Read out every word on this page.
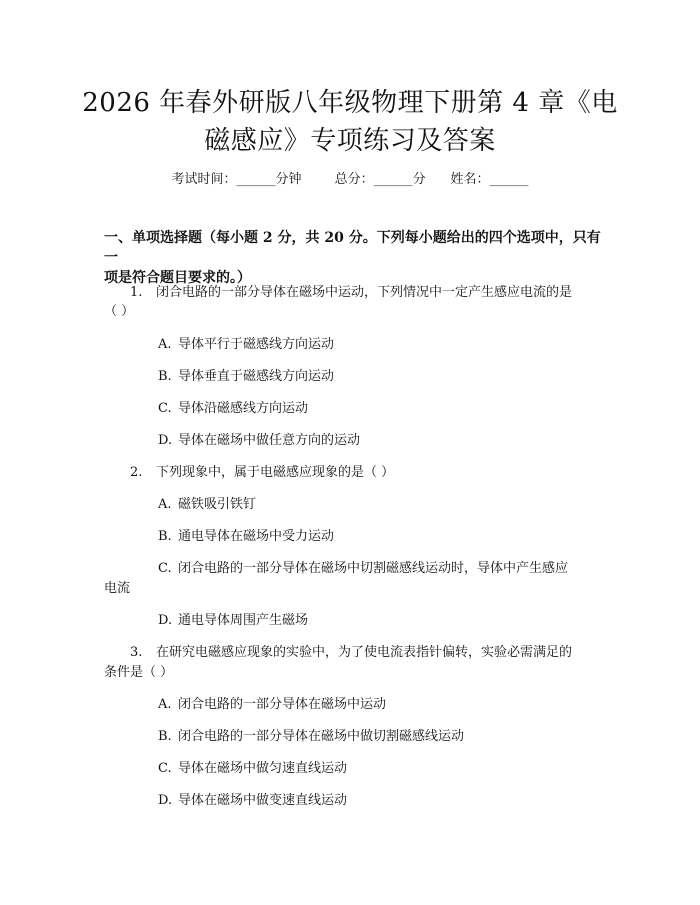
2026 年春外研版八年级物理下册第 4 章《电
磁感应》专项练习及答案
考试时间：______分钟	总分：______分 姓名：______
一、单项选择题（每小题 2 分，共 20 分。下列每小题给出的四个选项中，只有一
项是符合题目要求的。）
1. 闭合电路的一部分导体在磁场中运动，下列情况中一定产生感应电流的是
（ ）
A. 导体平行于磁感线方向运动
B. 导体垂直于磁感线方向运动
C. 导体沿磁感线方向运动
D. 导体在磁场中做任意方向的运动
2. 下列现象中，属于电磁感应现象的是（ ）
A. 磁铁吸引铁钉
B. 通电导体在磁场中受力运动
C. 闭合电路的一部分导体在磁场中切割磁感线运动时，导体中产生感应
电流
D. 通电导体周围产生磁场
3. 在研究电磁感应现象的实验中，为了使电流表指针偏转，实验必需满足的
条件是（ ）
A. 闭合电路的一部分导体在磁场中运动
B. 闭合电路的一部分导体在磁场中做切割磁感线运动
C. 导体在磁场中做匀速直线运动
D. 导体在磁场中做变速直线运动
